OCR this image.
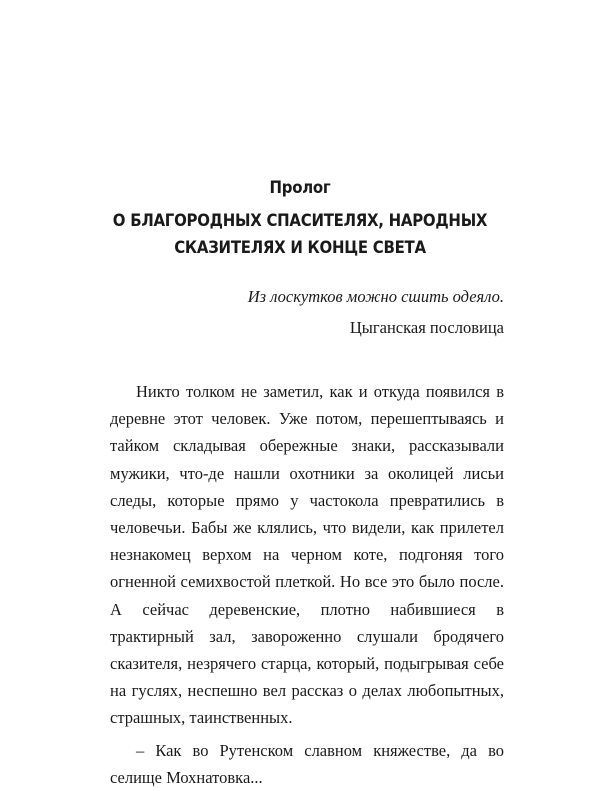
Пролог
О БЛАГОРОДНЫХ СПАСИТЕЛЯХ, НАРОДНЫХ
СКАЗИТЕЛЯХ И КОНЦЕ СВЕТА
Из лоскутков можно сшить одеяло.
Цыганская пословица

Никто толком не заметил, как и откуда появился в деревне этот человек. Уже потом, перешептываясь и тайком складывая обережные знаки, рассказывали мужики, что-де нашли охотники за околицей лисьи следы, которые прямо у частокола превратились в человечьи. Бабы же клялись, что видели, как прилетел незнакомец верхом на черном коте, подгоняя того огненной семихвостой плеткой. Но все это было после. А сейчас деревенские, плотно набившиеся в трактирный зал, завороженно слушали бродячего сказителя, незрячего старца, который, подыгрывая себе на гуслях, неспешно вел рассказ о делах любопытных, страшных, таинственных.

– Как во Рутенском славном княжестве, да во селище Мохнатовка...
